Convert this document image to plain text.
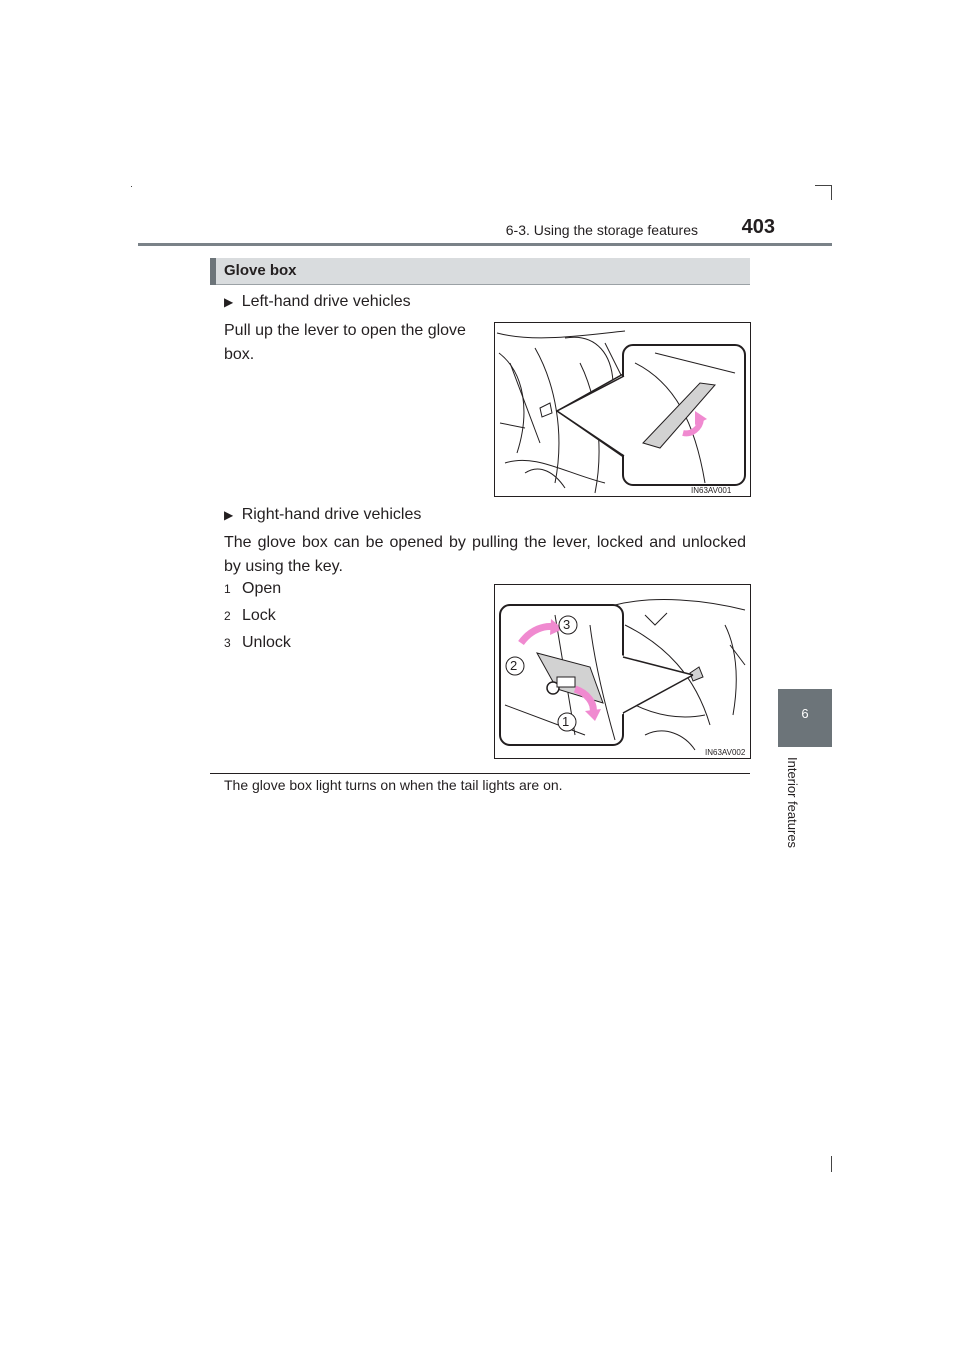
6-3. Using the storage features	403
6
Interior features
Glove box
▶ Left-hand drive vehicles
Pull up the lever to open the glove box.
IN63AV001
▶ Right-hand drive vehicles
The glove box can be opened by pulling the lever, locked and unlocked by using the key.
1 Open
2 Lock
3 Unlock
3
2
1
IN63AV002
The glove box light turns on when the tail lights are on.
